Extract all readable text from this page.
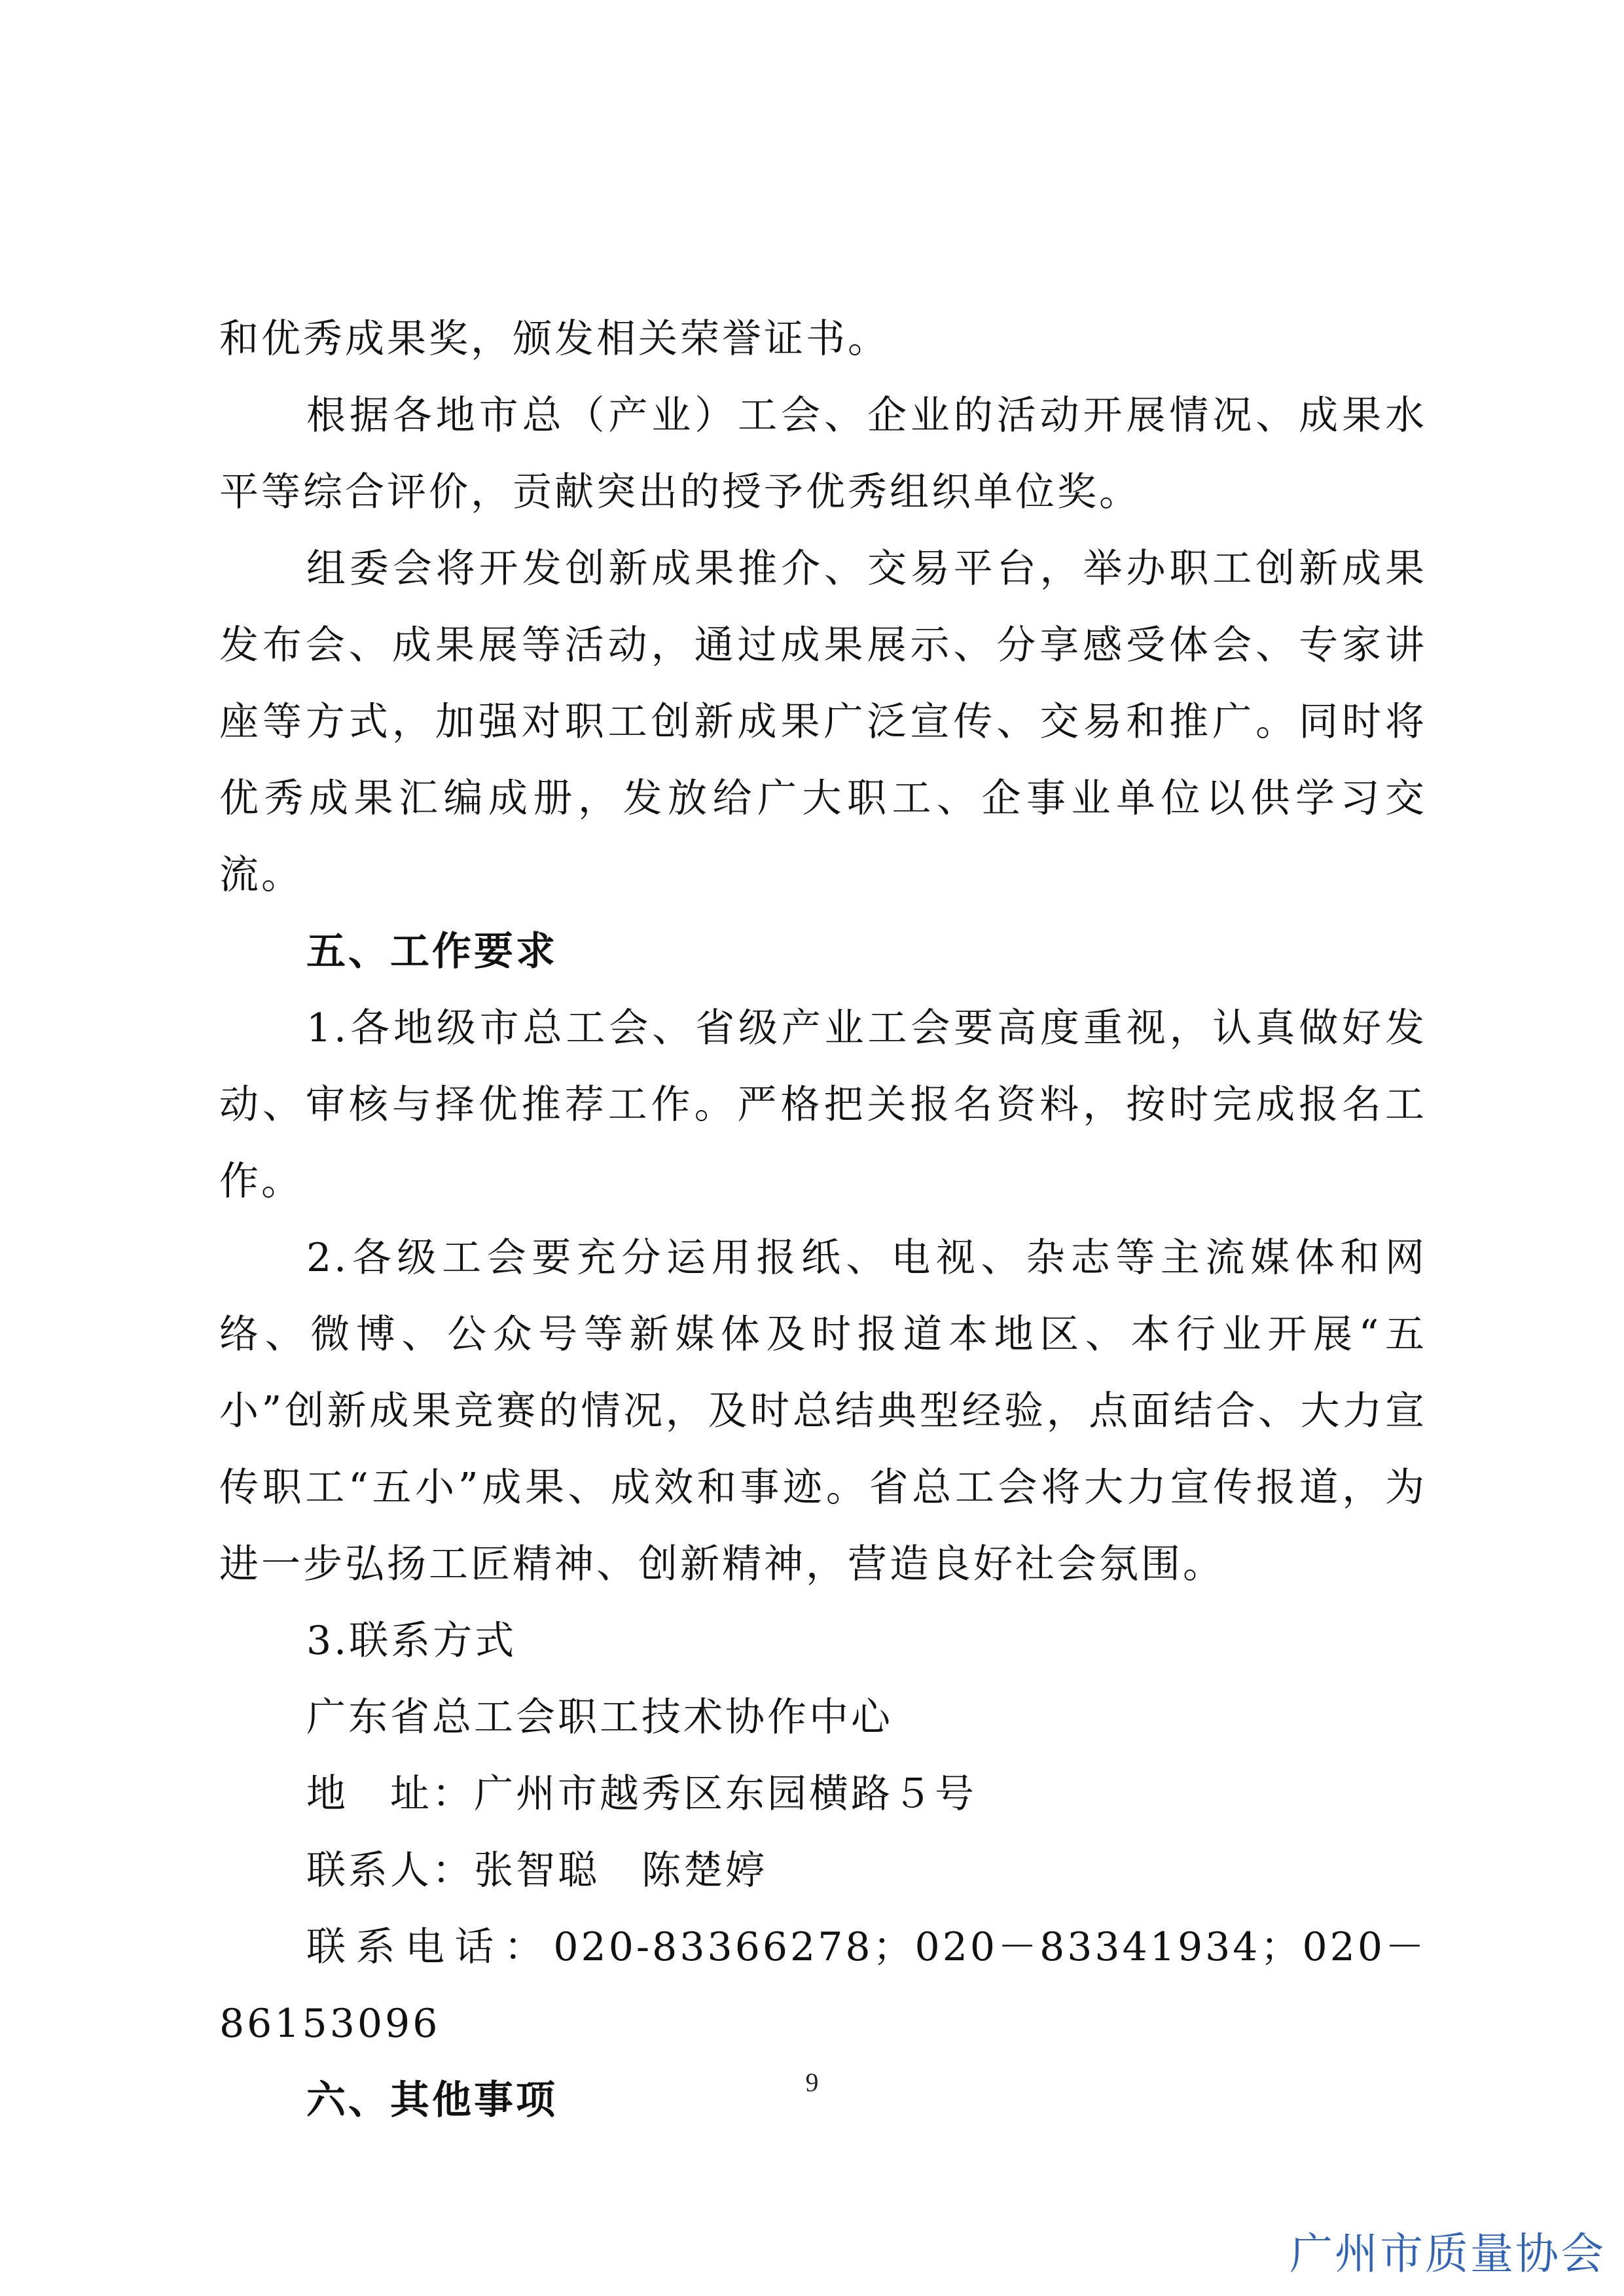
和优秀成果奖，颁发相关荣誉证书。

根据各地市总（产业）工会、企业的活动开展情况、成果水平等综合评价，贡献突出的授予优秀组织单位奖。

组委会将开发创新成果推介、交易平台，举办职工创新成果发布会、成果展等活动，通过成果展示、分享感受体会、专家讲座等方式，加强对职工创新成果广泛宣传、交易和推广。同时将优秀成果汇编成册，发放给广大职工、企事业单位以供学习交流。

五、工作要求

1.各地级市总工会、省级产业工会要高度重视，认真做好发动、审核与择优推荐工作。严格把关报名资料，按时完成报名工作。

2.各级工会要充分运用报纸、电视、杂志等主流媒体和网络、微博、公众号等新媒体及时报道本地区、本行业开展“五小”创新成果竞赛的情况，及时总结典型经验，点面结合、大力宣传职工“五小”成果、成效和事迹。省总工会将大力宣传报道，为进一步弘扬工匠精神、创新精神，营造良好社会氛围。

3.联系方式

广东省总工会职工技术协作中心

地　址：广州市越秀区东园横路５号

联系人：张智聪　陈楚婷

联系电话：020-83366278；020－83341934；020－86153096

六、其他事项	9
广州市质量协会
